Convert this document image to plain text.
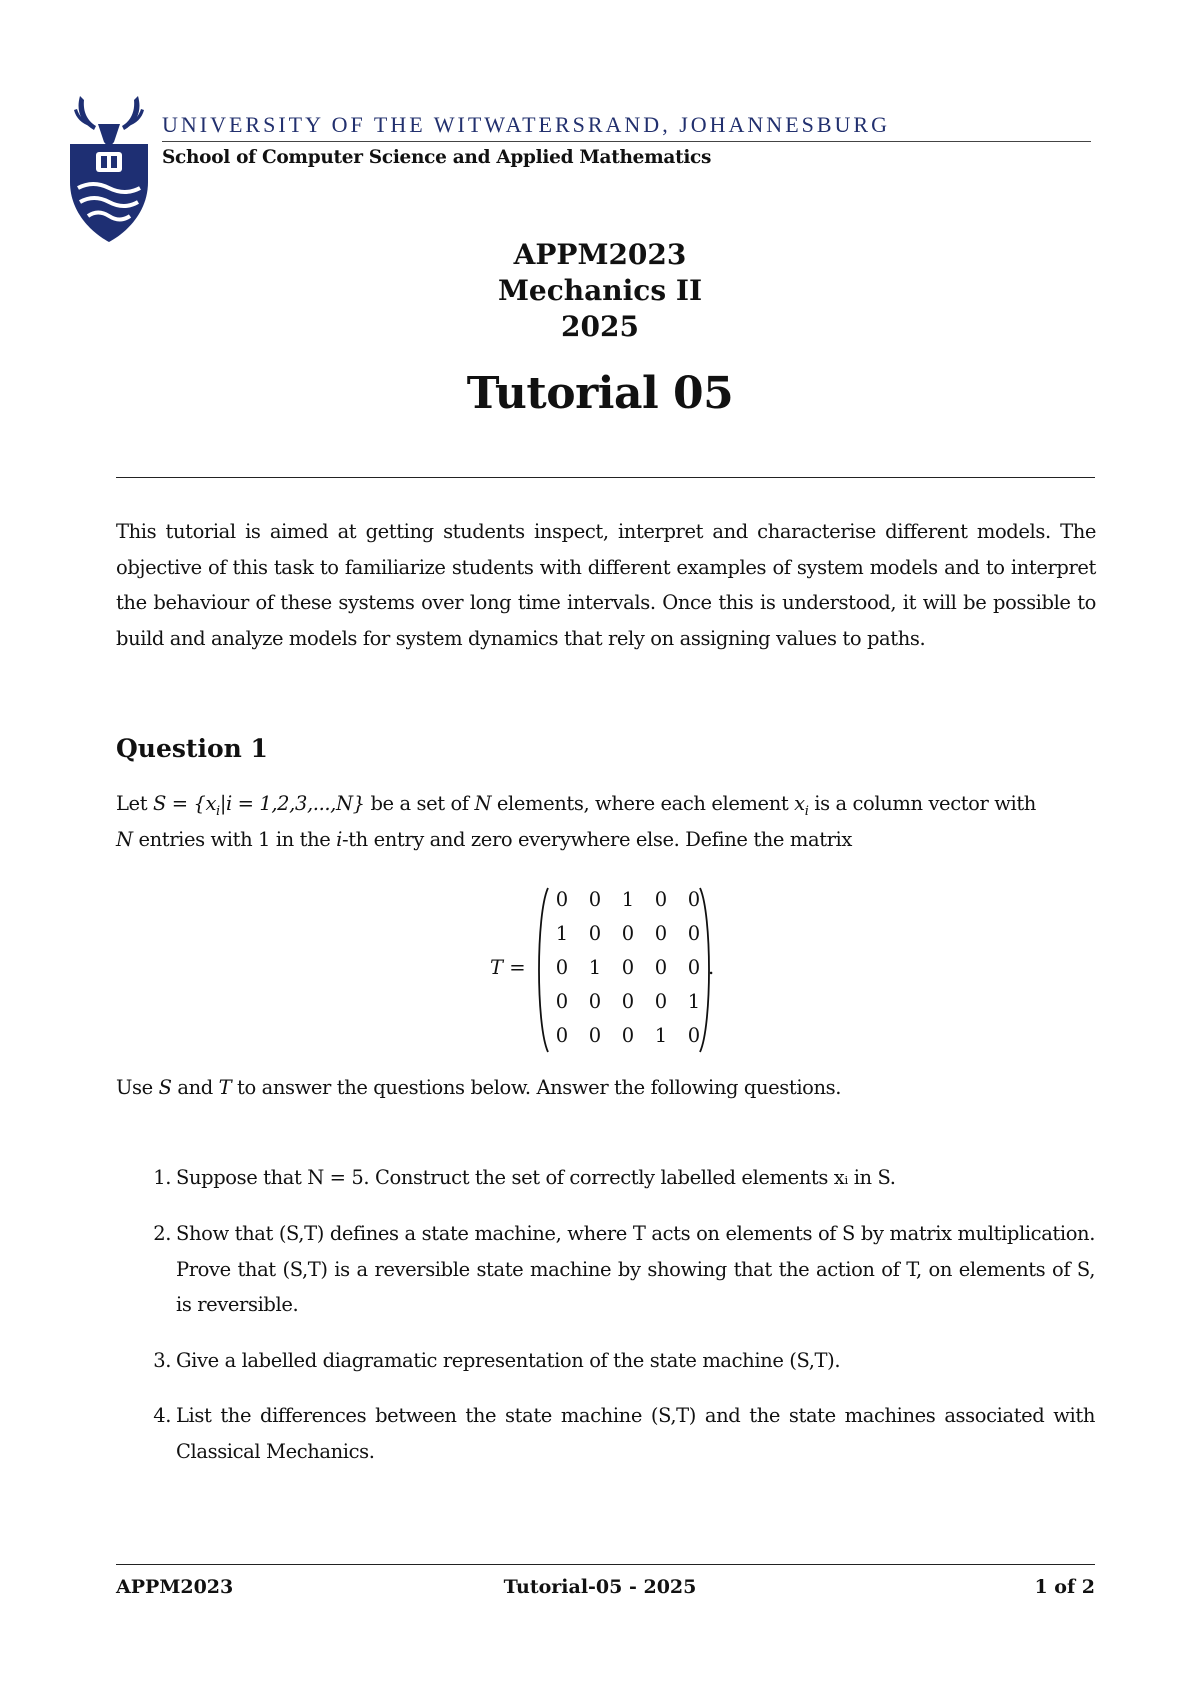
UNIVERSITY OF THE WITWATERSRAND, JOHANNESBURG
School of Computer Science and Applied Mathematics
APPM2023
Mechanics II
2025
Tutorial 05
This tutorial is aimed at getting students inspect, interpret and characterise different models. The objective of this task to familiarize students with different examples of system models and to interpret the behaviour of these systems over long time intervals. Once this is understood, it will be possible to build and analyze models for system dynamics that rely on assigning values to paths.
Question 1
Let $S = \{x_i|i = 1,2,3,...,N\}$ be a set of N elements, where each element $x_i$ is a column vector with
N entries with 1 in the i-th entry and zero everywhere else. Define the matrix
T =
0 0 1 0 0
1 0 0 0 0
0 1 0 0 0
0 0 0 0 1
0 0 0 1 0
.
Use S and T to answer the questions below. Answer the following questions.
1. Suppose that N = 5. Construct the set of correctly labelled elements xᵢ in S.
2. Show that (S,T) defines a state machine, where T acts on elements of S by matrix multiplication. Prove that (S,T) is a reversible state machine by showing that the action of T, on elements of S, is reversible.
3. Give a labelled diagramatic representation of the state machine (S,T).
4. List the differences between the state machine (S,T) and the state machines associated with Classical Mechanics.
APPM2023	Tutorial-05 - 2025	1 of 2
